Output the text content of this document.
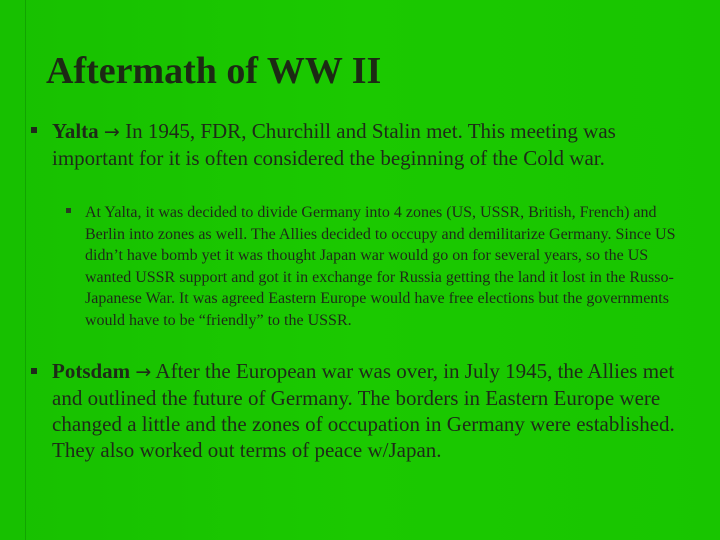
Aftermath of WW II
Yalta → In 1945, FDR, Churchill and Stalin met. This meeting was important for it is often considered the beginning of the Cold war.
At Yalta, it was decided to divide Germany into 4 zones (US, USSR, British, French) and Berlin into zones as well. The Allies decided to occupy and demilitarize Germany. Since US didn’t have bomb yet it was thought Japan war would go on for several years, so the US wanted USSR support and got it in exchange for Russia getting the land it lost in the Russo-Japanese War. It was agreed Eastern Europe would have free elections but the governments would have to be “friendly” to the USSR.
Potsdam → After the European war was over, in July 1945, the Allies met and outlined the future of Germany. The borders in Eastern Europe were changed a little and the zones of occupation in Germany were established. They also worked out terms of peace w/Japan.
